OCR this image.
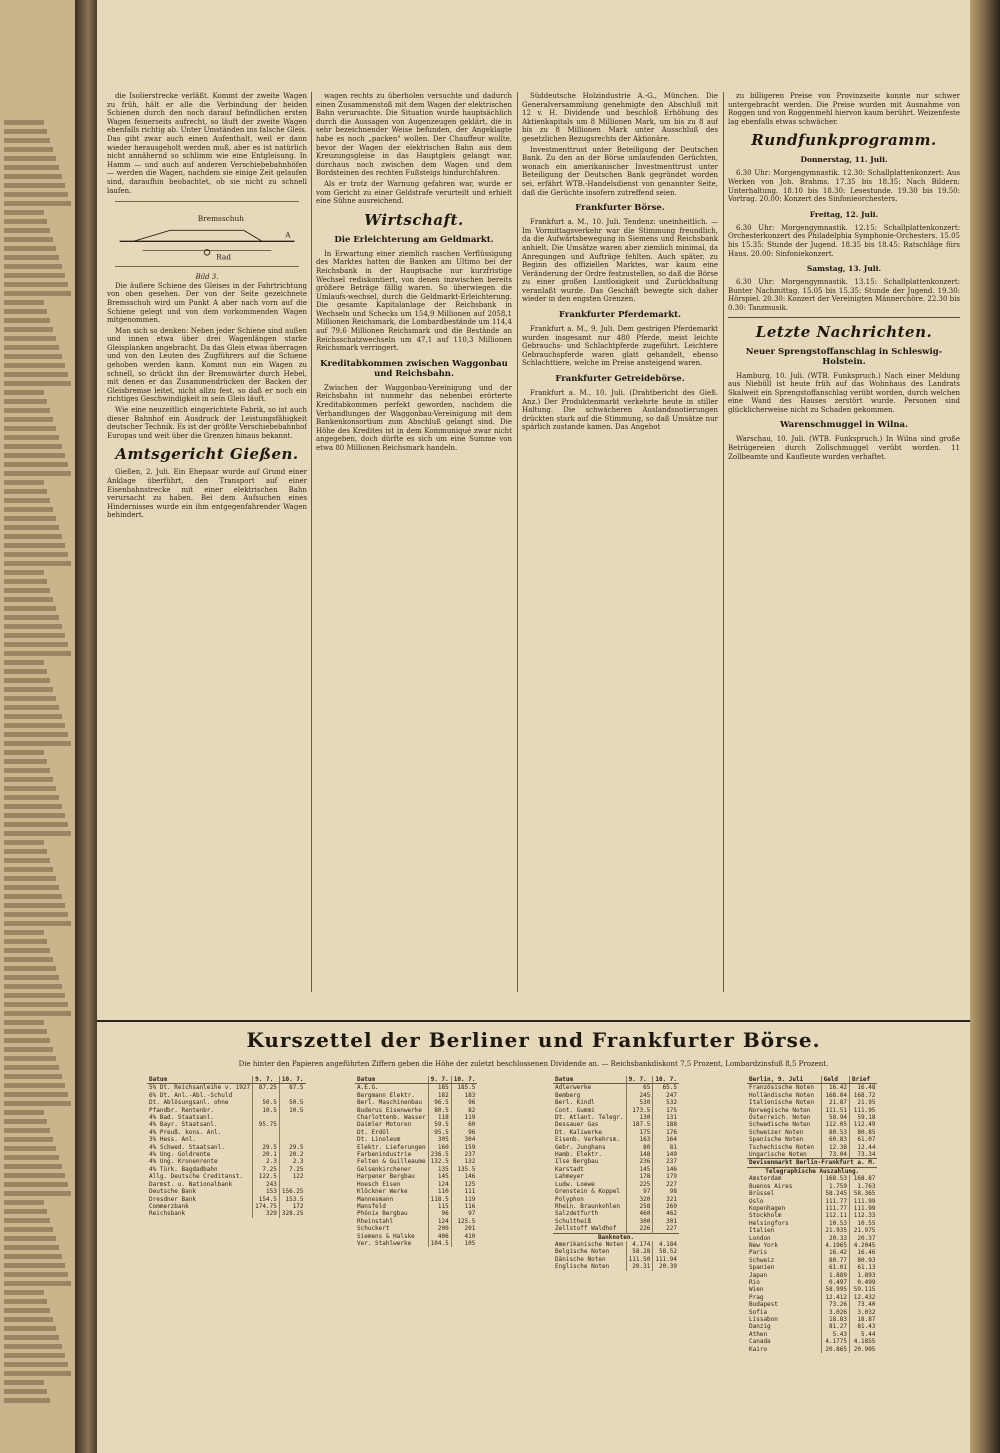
die Isolierstrecke verläßt. Kommt der zweite Wagen zu früh, hält er alle die Verbindung der beiden Schienen durch den noch darauf befindlichen ersten Wagen feinerseits aufrecht, so läuft der zweite Wagen ebenfalls richtig ab. Unter Umständen ins falsche Gleis. Das gibt zwar auch einen Aufenthalt, weil er dann wieder herausgeholt werden muß, aber es ist natürlich nicht annähernd so schlimm wie eine Entgleisung. In Hamm — und auch auf anderen Verschiebebahnhöfen — werden die Wagen, nachdem sie einige Zeit gelaufen sind, daraufhin beobachtet, ob sie nicht zu schnell laufen.

Bremsschuh
A
Rad
Bild 3.

Die äußere Schiene des Gleises in der Fahrtrichtung von oben gesehen. Der von der Seite gezeichnete Bremsschuh wird um Punkt A aber nach vorn auf die Schiene gelegt und von dem vorkommenden Wagen mitgenommen.

Man sich so denken: Neben jeder Schiene sind außen und innen etwa über drei Wagenlängen starke Gleisplanken angebracht. Da das Gleis etwas überragen und von den Leuten des Zugführers auf die Schiene gehoben werden kann. Kommt nun ein Wagen zu schnell, so drückt ihn der Bremswärter durch Hebel, mit denen er das Zusammendrücken der Backen der Gleisbremse leitet, nicht allzu fest, so daß er noch ein richtiges Geschwindigkeit in sein Gleis läuft.

Wie eine neuzeitlich eingerichtete Fabrik, so ist auch dieser Bahnhof ein Ausdruck der Leistungsfähigkeit deutscher Technik. Es ist der größte Verschiebebahnhof Europas und weit über die Grenzen hinaus bekannt.

Amtsgericht Gießen.

Gießen, 2. Juli. Ein Ehepaar wurde auf Grund einer Anklage überführt, den Transport auf einer Eisenbahnstrecke mit einer elektrischen Bahn verursacht zu haben. Bei dem Aufsuchen eines Hindernisses wurde ein ihm entgegenfahrender Wagen behindert.

wagen rechts zu überholen versuchte und dadurch einen Zusammenstoß mit dem Wagen der elektrischen Bahn verursachte. Die Situation wurde hauptsächlich durch die Aussagen von Augenzeugen geklärt, die in sehr bezeichnender Weise befunden, der Angeklagte habe es noch „packen" wollen. Der Chauffeur wollte, bevor der Wagen der elektrischen Bahn aus dem Kreuzungsgleise in das Hauptgleis gelangt war, durchaus noch zwischen dem Wagen und dem Bordsteinen des rechten Fußsteigs hindurchfahren.

Als er trotz der Warnung gefahren war, wurde er vom Gericht zu einer Geldstrafe verurteilt und erhielt eine Sühne ausreichend.

Wirtschaft.
Die Erleichterung am Geldmarkt.

In Erwartung einer ziemlich raschen Verflüssigung des Marktes hatten die Banken am Ultimo bei der Reichsbank in der Hauptsache nur kurzfristige Wechsel rediskontiert, von denen inzwischen bereits größere Beträge fällig waren. So überwiegen die Umlaufs-wechsel, durch die Geldmarkt-Erleichterung. Die gesamte Kapitalanlage der Reichsbank in Wechseln und Schecks um 154,9 Millionen auf 2058,1 Millionen Reichsmark, die Lombardbestände um 114,4 auf 79,6 Millionen Reichsmark und die Bestände an Reichsschatzwechseln um 47,1 auf 110,3 Millionen Reichsmark verringert.

Kreditabkommen zwischen Waggonbau und Reichsbahn.

Zwischen der Waggonbau-Vereinigung und der Reichsbahn ist nunmehr das nebenbei erörterte Kreditabkommen perfekt geworden, nachdem die Verhandlungen der Waggonbau-Vereinigung mit dem Bankenkonsortium zum Abschluß gelangt sind. Die Höhe des Kredites ist in dem Kommuniqué zwar nicht angegeben, doch dürfte es sich um eine Summe von etwa 80 Millionen Reichsmark handeln.

Süddeutsche Holzindustrie A.-G., München. Die Generalversammlung genehmigte den Abschluß mit 12 v. H. Dividende und beschloß Erhöhung des Aktienkapitals um 8 Millionen Mark, um bis zu 8 auf bis zu 8 Millionen Mark unter Ausschluß des gesetzlichen Bezugsrechts der Aktionäre.

Investmenttrust unter Beteiligung der Deutschen Bank. Zu den an der Börse umlaufenden Gerüchten, wonach ein amerikanischer Investmenttrust unter Beteiligung der Deutschen Bank gegründet worden sei, erfährt WTB.-Handelsdienst von genannter Seite, daß die Gerüchte insofern zutreffend seien.

Frankfurter Börse.

Frankfurt a. M., 10. Juli. Tendenz: uneinheitlich. — Im Vormittagsverkehr war die Stimmung freundlich, da die Aufwärtsbewegung in Siemens und Reichsbank anhielt. Die Umsätze waren aber ziemlich minimal, da Anregungen und Aufträge fehlten. Auch später, zu Beginn des offiziellen Marktes, war kaum eine Veränderung der Ordre festzustellen, so daß die Börse zu einer großen Lustlosigkeit und Zurückhaltung veranlaßt wurde. Das Geschäft bewegte sich daher wieder in den engsten Grenzen.

Frankfurter Pferdemarkt.

Frankfurt a. M., 9. Juli. Dem gestrigen Pferdemarkt wurden insgesamt nur 480 Pferde, meist leichte Gebrauchs- und Schlachtpferde zugeführt. Leichtere Gebrauchspferde waren glatt gehandelt, ebenso Schlachttiere, welche im Preise ansteigend waren.

Frankfurter Getreidebörse.

Frankfurt a. M., 10. Juli. (Drahtbericht des Gieß. Anz.) Der Produktenmarkt verkehrte heute in stiller Haltung. Die schwächeren Auslandsnotierungen drückten stark auf die Stimmung, so daß Umsätze nur spärlich zustande kamen. Das Angebot

zu billigeren Preise von Provinzseite konnte nur schwer untergebracht werden. Die Preise wurden mit Ausnahme von Roggen und von Roggenmehl hiervon kaum berührt. Weizenfeste lag ebenfalls etwas schwächer.

Rundfunkprogramm.
Donnerstag, 11. Juli.

6.30 Uhr: Morgengymnastik. 12.30: Schallplattenkonzert: Aus Werken von Joh. Brahms. 17.35 bis 18.35: Nach Bildern: Unterhaltung. 18.10 bis 18.30: Lesestunde. 19.30 bis 19.50: Vortrag. 20.00: Konzert des Sinfonieorchesters.

Freitag, 12. Juli.

6.30 Uhr: Morgengymnastik. 12.15: Schallplattenkonzert: Orchesterkonzert des Philadelphia Symphonie-Orchesters. 15.05 bis 15.35: Stunde der Jugend. 18.35 bis 18.45: Ratschläge fürs Haus. 20.00: Sinfoniekonzert.

Samstag, 13. Juli.

6.30 Uhr: Morgengymnastik. 13.15: Schallplattenkonzert: Bunter Nachmittag. 15.05 bis 15.35: Stunde der Jugend. 19.30: Hörspiel. 20.30: Konzert der Vereinigten Männerchöre. 22.30 bis 0.30: Tanzmusik.

Letzte Nachrichten.
Neuer Sprengstoffanschlag in Schleswig-Holstein.

Hamburg, 10. Juli. (WTB. Funkspruch.) Nach einer Meldung aus Niebüll ist heute früh auf das Wohnhaus des Landrats Skalweit ein Sprengstoffanschlag verübt worden, durch welchen eine Wand des Hauses zerstört wurde. Personen sind glücklicherweise nicht zu Schaden gekommen.

Warenschmuggel in Wilna.

Warschau, 10. Juli. (WTB. Funkspruch.) In Wilna sind große Betrügereien durch Zollschmuggel verübt worden. 11 Zollbeamte und Kaufleute wurden verhaftet.

Kurszettel der Berliner und Frankfurter Börse.
Die hinter den Papieren angeführten Ziffern geben die Höhe der zuletzt beschlossenen Dividende an. — Reichsbankdiskont 7,5 Prozent, Lombardzinsfuß 8,5 Prozent.
Datum	9. 7.	10. 7.
5% Dt. Reichsanleihe v. 1927	87.25	87.5
6% Dt. Anl.-Abl.-Schuld		
Dt. Ablösungsanl. ohne	50.5	50.5
Pfandbr. Rentenbr.	10.5	10.5
4% Bad. Staatsanl.		
4% Bayr. Staatsanl.	95.75	
4% Preuß. kons. Anl.		
3% Hess. Anl.		
4% Schwed. Staatsanl.	29.5	29.5
4% Ung. Goldrente	20.1	20.2
4% Ung. Kronenrente	2.3	2.3
4% Türk. Bagdadbahn	7.25	7.25
Allg. Deutsche Creditanst.	122.5	122
Darmst. u. Nationalbank	243	
Deutsche Bank	153	156.25
Dresdner Bank	154.5	153.5
Commerzbank	174.75	172
Reichsbank	329	328.25
Datum	9. 7.	10. 7.
A.E.G.	185	185.5
Bergmann Elektr.	182	183
Berl. Maschinenbau	96.5	96
Buderus Eisenwerke	80.5	82
Charlottenb. Wasser	118	119
Daimler Motoren	59.5	60
Dt. Erdöl	95.5	96
Dt. Linoleum	305	304
Elektr. Lieferungen	160	159
Farbenindustrie	236.5	237
Felten & Guilleaume	132.5	132
Gelsenkirchener	135	135.5
Harpener Bergbau	145	146
Hoesch Eisen	124	125
Klöckner Werke	110	111
Mannesmann	118.5	119
Mansfeld	115	116
Phönix Bergbau	96	97
Rheinstahl	124	125.5
Schuckert	200	201
Siemens & Halske	406	410
Ver. Stahlwerke	104.5	105
Datum	9. 7.	10. 7.
Adlerwerke	65	65.5
Bemberg	245	247
Berl. Kindl	530	532
Cont. Gummi	173.5	175
Dt. Atlant. Telegr.	130	131
Dessauer Gas	187.5	188
Dt. Kaliwerke	175	176
Eisenb. Verkehrsm.	163	164
Gebr. Junghans	80	81
Hamb. Elektr.	148	149
Ilse Bergbau	236	237
Karstadt	145	146
Lahmeyer	178	179
Ludw. Loewe	225	227
Orenstein & Koppel	97	98
Polyphon	320	321
Rhein. Braunkohlen	258	260
Salzdetfurth	460	462
Schultheiß	300	301
Zellstoff Waldhof	226	227
Banknoten.		
Amerikanische Noten	4.174	4.184
Belgische Noten	58.28	58.52
Dänische Noten	111.50	111.94
Englische Noten	20.31	20.39
Berlin, 9. Juli	Geld	Brief
Französische Noten	16.42	16.48
Holländische Noten	168.04	168.72
Italienische Noten	21.87	21.95
Norwegische Noten	111.51	111.95
Österreich. Noten	58.94	59.18
Schwedische Noten	112.05	112.49
Schweizer Noten	80.53	80.85
Spanische Noten	60.83	61.07
Tschechische Noten	12.38	12.44
Ungarische Noten	73.04	73.34
Devisenmarkt Berlin-Frankfurt a. M.		
Telegraphische Auszahlung.		
Amsterdam	168.53	168.87
Buenos Aires	1.759	1.763
Brüssel	58.245	58.365
Oslo	111.77	111.99
Kopenhagen	111.77	111.99
Stockholm	112.11	112.33
Helsingfors	10.53	10.55
Italien	21.935	21.975
London	20.33	20.37
New York	4.1965	4.2045
Paris	16.42	16.46
Schweiz	80.77	80.93
Spanien	61.01	61.13
Japan	1.889	1.893
Rio	0.497	0.499
Wien	58.995	59.115
Prag	12.412	12.432
Budapest	73.26	73.40
Sofia	3.026	3.032
Lissabon	18.83	18.87
Danzig	81.27	81.43
Athen	5.43	5.44
Canada	4.1775	4.1855
Kairo	20.865	20.905
